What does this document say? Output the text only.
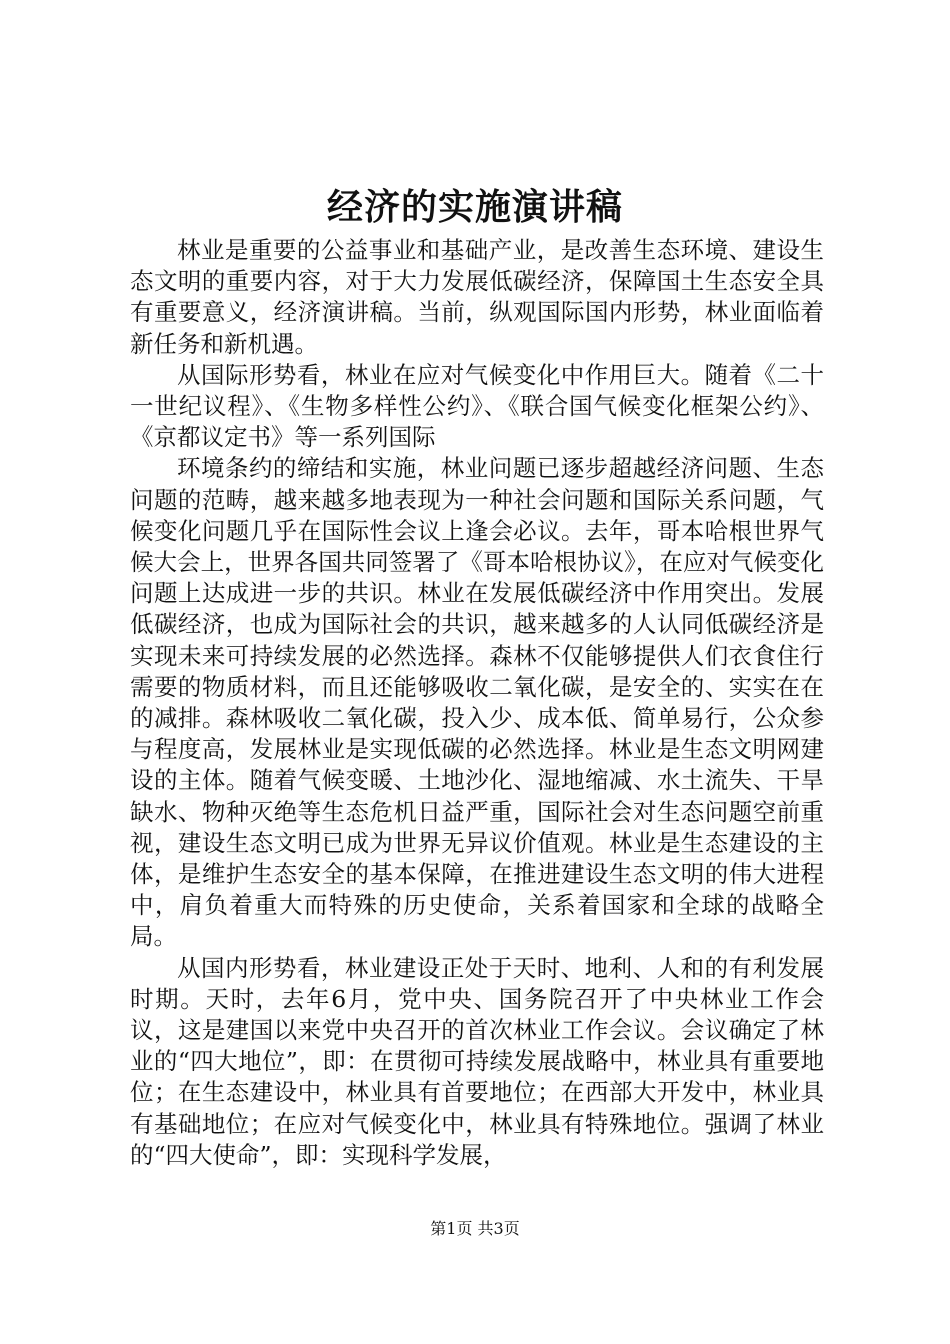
经济的实施演讲稿

林业是重要的公益事业和基础产业，是改善生态环境、建设生态文明的重要内容，对于大力发展低碳经济，保障国土生态安全具有重要意义，经济演讲稿。当前，纵观国际国内形势，林业面临着新任务和新机遇。

从国际形势看，林业在应对气候变化中作用巨大。随着《二十一世纪议程》、《生物多样性公约》、《联合国气候变化框架公约》、《京都议定书》等一系列国际

环境条约的缔结和实施，林业问题已逐步超越经济问题、生态问题的范畴，越来越多地表现为一种社会问题和国际关系问题，气候变化问题几乎在国际性会议上逢会必议。去年，哥本哈根世界气候大会上，世界各国共同签署了《哥本哈根协议》，在应对气候变化问题上达成进一步的共识。林业在发展低碳经济中作用突出。发展低碳经济，也成为国际社会的共识，越来越多的人认同低碳经济是实现未来可持续发展的必然选择。森林不仅能够提供人们衣食住行需要的物质材料，而且还能够吸收二氧化碳，是安全的、实实在在的减排。森林吸收二氧化碳，投入少、成本低、简单易行，公众参与程度高，发展林业是实现低碳的必然选择。林业是生态文明网建设的主体。随着气候变暖、土地沙化、湿地缩减、水土流失、干旱缺水、物种灭绝等生态危机日益严重，国际社会对生态问题空前重视，建设生态文明已成为世界无异议价值观。林业是生态建设的主体，是维护生态安全的基本保障，在推进建设生态文明的伟大进程中，肩负着重大而特殊的历史使命，关系着国家和全球的战略全局。

从国内形势看，林业建设正处于天时、地利、人和的有利发展时期。天时，去年6月，党中央、国务院召开了中央林业工作会议，这是建国以来党中央召开的首次林业工作会议。会议确定了林业的“四大地位”，即：在贯彻可持续发展战略中，林业具有重要地位；在生态建设中，林业具有首要地位；在西部大开发中，林业具有基础地位；在应对气候变化中，林业具有特殊地位。强调了林业的“四大使命”，即：实现科学发展，

第1页 共3页
